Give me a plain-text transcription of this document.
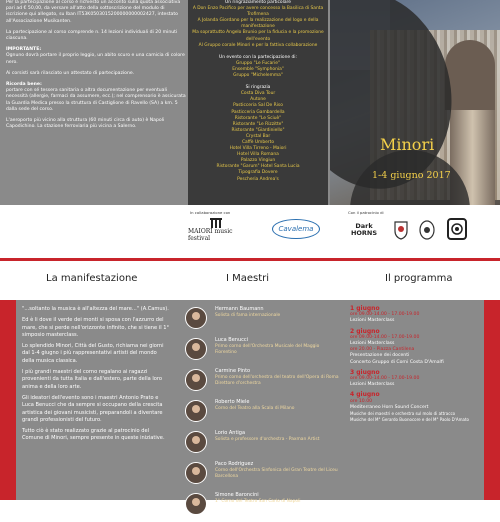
Per la partecipazione al corso è richiesto un acconto sulla quota associativa pari ad € 50,00, da versare all'atto della sottoscrizione del modulo di iscrizione qui allegato, su Iban IT53K0503015200000000002427, intestato all'Associazione Musikanten.

La partecipazione al corso comprende n. 14 lezioni individuali di 20 minuti ciascuna.

IMPORTANTE:

Ognuno dovrà portare il proprio leggio, un abito scuro e una camicia di colore nero.

Ai corsisti sarà rilasciato un attestato di partecipazione.

Ricorda bene:

portare con sé tessera sanitaria o altra documentazione per eventuali necessità (allergie, farmaci da assumere, ecc.); nel comprensorio è assicurata la Guardia Medica presso la struttura di Castiglione di Ravello (SA) a km. 5 dalla sede del corso.

L'aeroporto più vicino alla struttura (60 minuti circa di auto) è Napoli Capodichino. La stazione ferroviaria più vicina a Salerno.

Un ringraziamento particolare
A Don Enzo Pacifico per avere concesso la Basilica di Santa Trofimena
A Jolanda Giordano per la realizzazione del logo e della manifestazione
Ma soprattutto Angelo Brunio per la fiducia e la promozione dell'evento
Al Gruppo corale Minori e per la fattiva collaborazione
Un evento con la partecipazione di:
Gruppo "Le Fucarie"
Ensemble "Symphonia"
Gruppo "Michelemma"
Si ringrazia
Costa Diva Tour
Autone
Pasticceria Sal De Riso
Pasticceria Gambardella
Ristorante "Le Sciuè"
Ristorante "Le Rizzitte"
Ristorante "Giardiniello"
Crystal Bar
Caffè Umberto
Hotel Villa Tirreno - Maiori
Hotel Villa Romana
Palazzo Vingiun
Ristorante "Garum" Hotel Santa Lucia
Tipografia Dovere
Pescheria Andrea's
Minori
1-4 giugno 2017
In collaborazione con	Con il patrocinio di
MAIORI music festival
Cavalema	Dark HORNS
La manifestazione	I Maestri	Il programma

"...soltanto la musica è all'altezza del mare..." (A.Camus).

Ed è li dove il verde dei monti si sposa con l'azzurro del mare, che si perde nell'orizzonte infinito, che si tiene il 1° simposio masterclass.

Lo splendido Minori, Città del Gusto, richiama nei giorni dal 1-4 giugno i più rappresentativi artisti del mondo della musica classica.

I più grandi maestri del corno regalano ai ragazzi provenienti da tutta Italia e dall'estero, parte della loro anima e della loro arte.

Gli ideatori dell'evento sono i maestri Antonio Prato e Luca Benucci che da sempre si occupano della crescita artistica dei giovani musicisti, preparandoli a diventare grandi professionisti del futuro.

Tutto ciò è stato realizzato grazie al patrocinio del Comune di Minori, sempre presente in queste iniziative.

Hermann Baumann
Solista di fama internazionale
Luca Benucci
Primo corno dell'Orchestra Musicale del Maggio Fiorentino
Carmine Pinto
Primo corno dell'orchestra del teatro dell'Opera di Roma Direttore d'orchestra
Roberto Miele
Corno del Teatro alla Scala di Milano
Lorio Antiga
Solista e professore d'orchestra - Paxman Artist
Paco Rodriguez
Corno dell'Orchestra Sinfonica del Gran Teatre del Liceu Barcellona
Simone Baroncini
1° Corno del Teatro San Carlo di Napoli
1 giugno
ore 09.00-14.00 - 17.00-19.00
Lezioni Masterclass
2 giugno
ore 09.00-14.00 - 17.00-19.00
Lezioni Masterclass
ore 20.00 - Piazza Cantilena
Presentazione dei docenti
Concerto Gruppo di Corni Costa D'Amalfi
3 giugno
ore 09.00-14.00 - 17.00-19.00
Lezioni Masterclass
4 giugno
ore 10.00
Mediterraneo Horn Sound Concert
Musiche dei maestri e orchestra sul molo di attracco
Musiche del M° Gerardo Buonocore e del M° Paolo D'Amato
